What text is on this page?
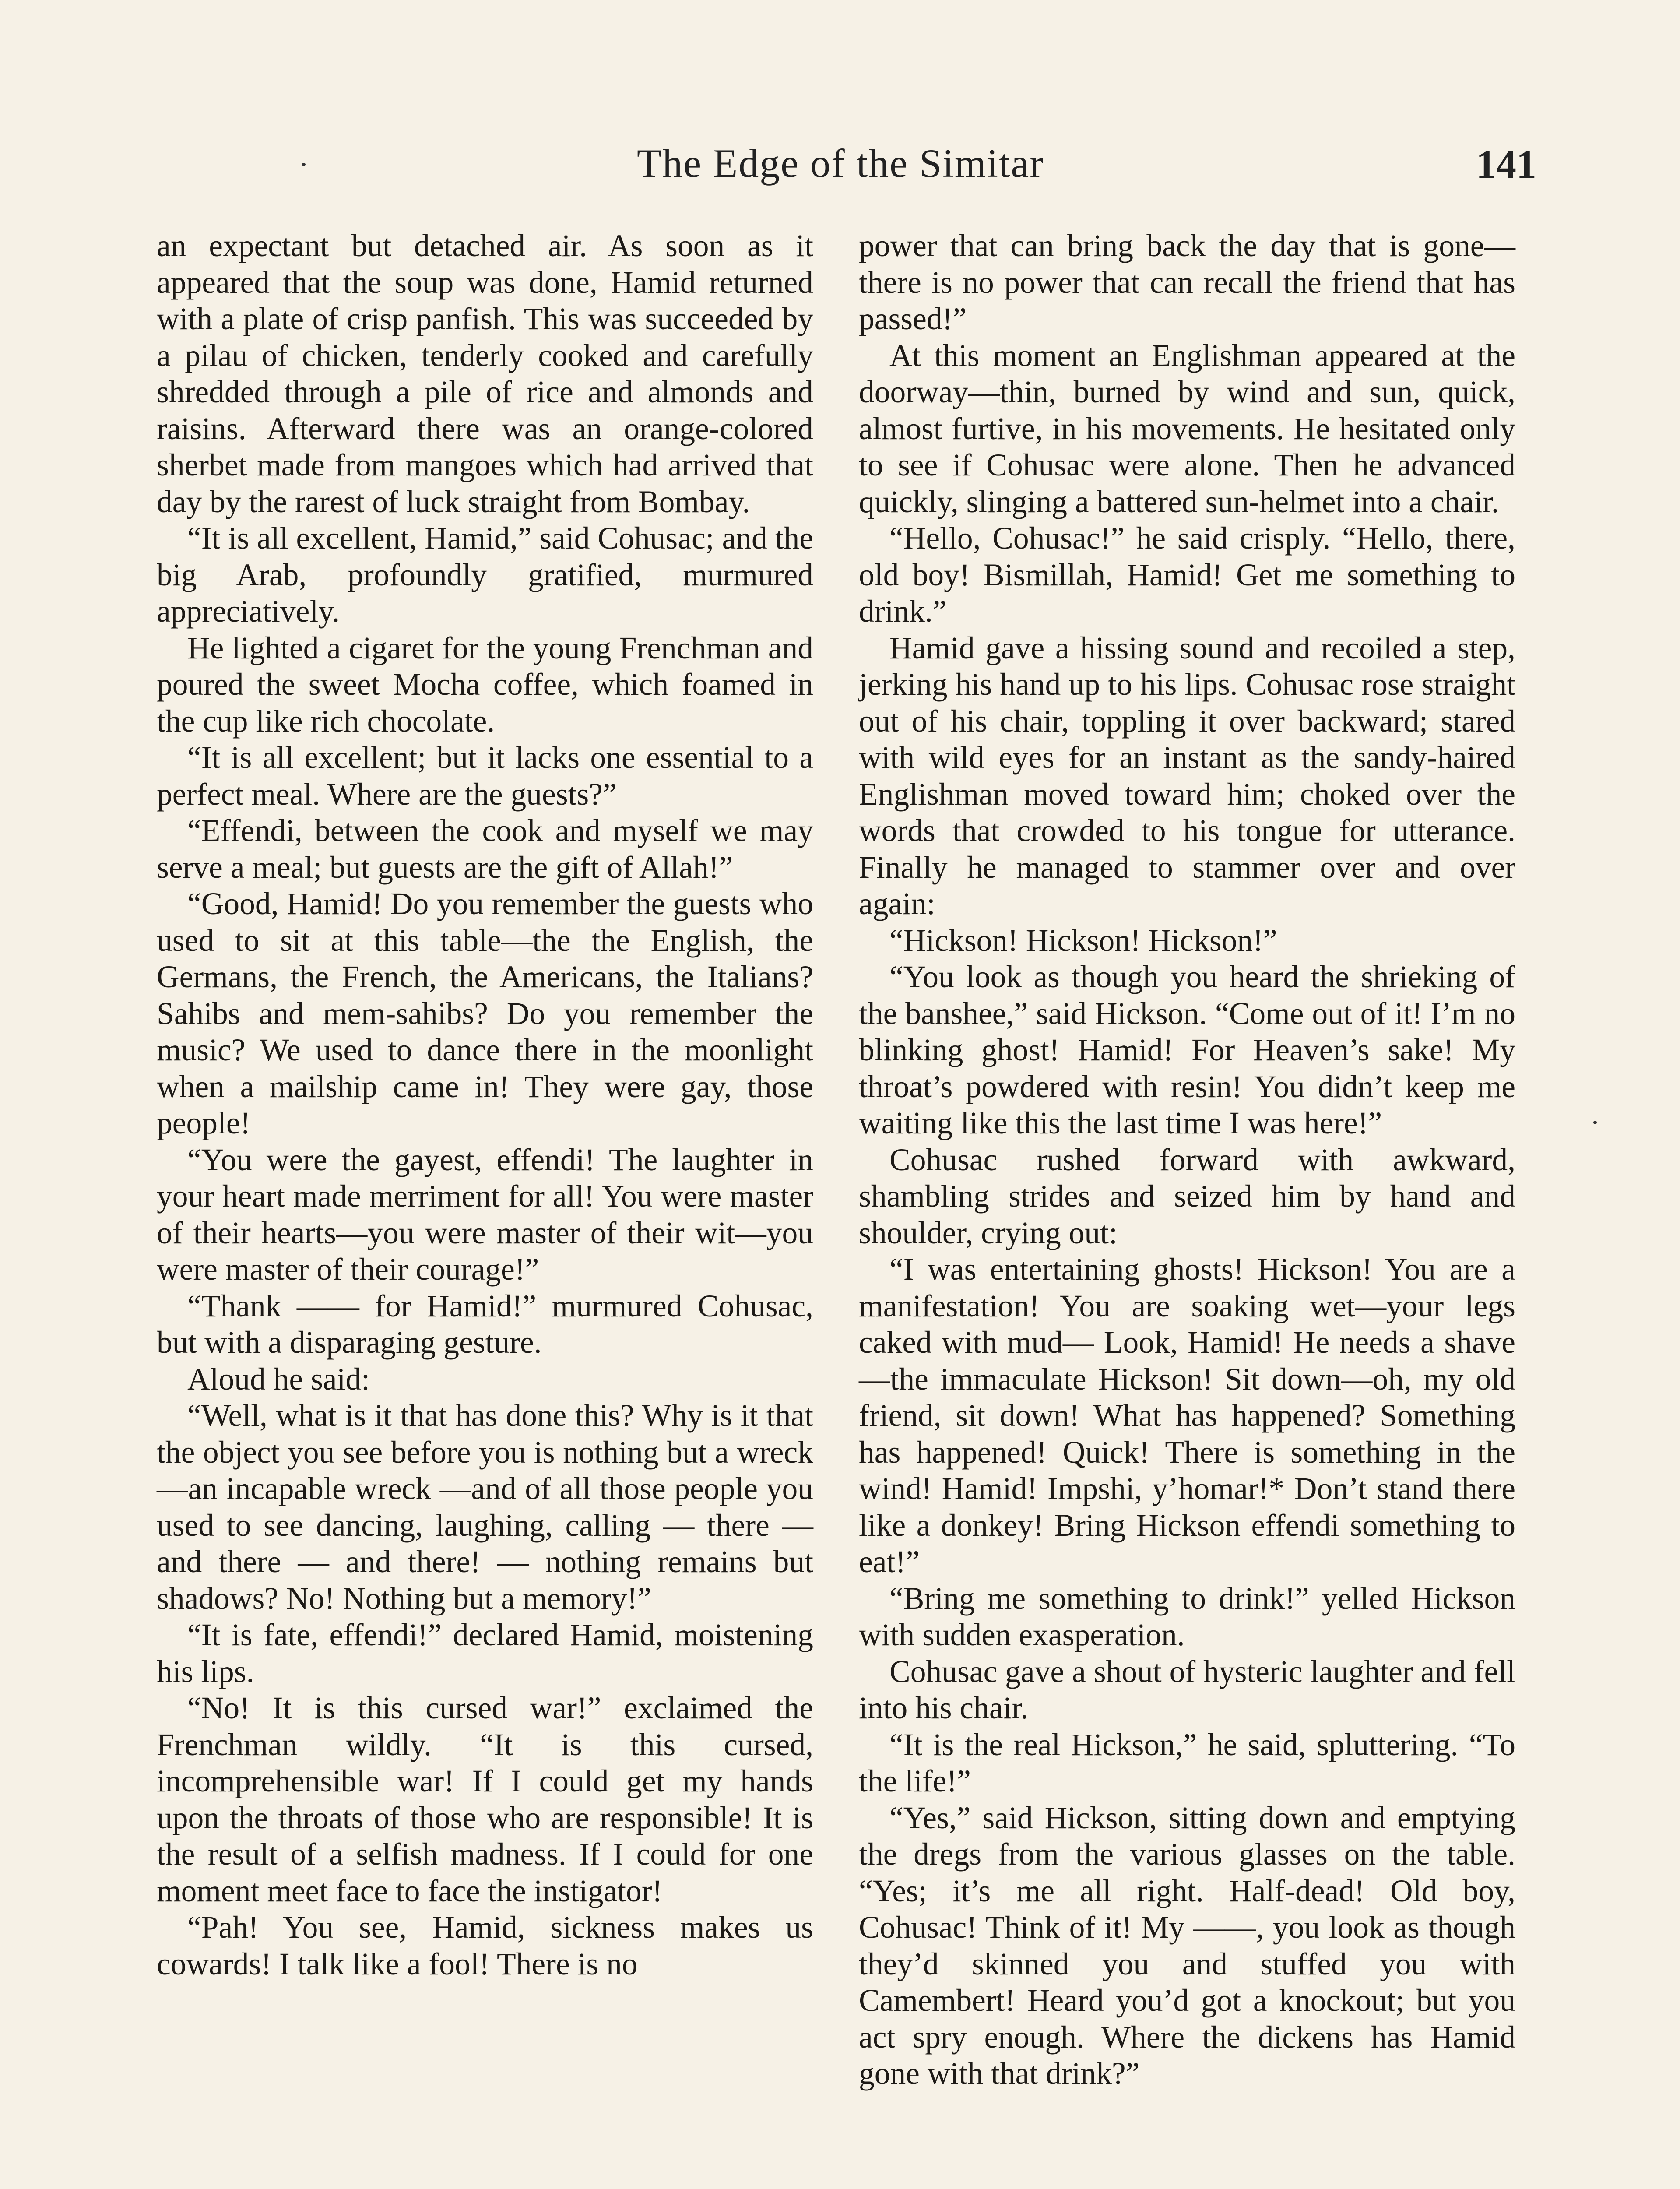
The Edge of the Simitar	141

an expectant but detached air. As soon as it appeared that the soup was done, Hamid returned with a plate of crisp panfish. This was succeeded by a pilau of chicken, tenderly cooked and carefully shredded through a pile of rice and almonds and raisins. Afterward there was an orange-colored sherbet made from mangoes which had arrived that day by the rarest of luck straight from Bombay.

“It is all excellent, Hamid,” said Cohusac; and the big Arab, profoundly gratified, murmured appreciatively.

He lighted a cigaret for the young Frenchman and poured the sweet Mocha coffee, which foamed in the cup like rich chocolate.

“It is all excellent; but it lacks one essential to a perfect meal. Where are the guests?”

“Effendi, between the cook and myself we may serve a meal; but guests are the gift of Allah!”

“Good, Hamid! Do you remember the guests who used to sit at this table—the the English, the Germans, the French, the Americans, the Italians? Sahibs and mem-sahibs? Do you remember the music? We used to dance there in the moonlight when a mailship came in! They were gay, those people!

“You were the gayest, effendi! The laughter in your heart made merriment for all! You were master of their hearts—you were master of their wit—you were master of their courage!”

“Thank —— for Hamid!” murmured Cohusac, but with a disparaging gesture.

Aloud he said:

“Well, what is it that has done this? Why is it that the object you see before you is nothing but a wreck—an incapable wreck —and of all those people you used to see dancing, laughing, calling — there — and there — and there! — nothing remains but shadows? No! Nothing but a memory!”

“It is fate, effendi!” declared Hamid, moistening his lips.

“No! It is this cursed war!” exclaimed the Frenchman wildly. “It is this cursed, incomprehensible war! If I could get my hands upon the throats of those who are responsible! It is the result of a selfish madness. If I could for one moment meet face to face the instigator!

“Pah! You see, Hamid, sickness makes us cowards! I talk like a fool! There is no

power that can bring back the day that is gone—there is no power that can recall the friend that has passed!”

At this moment an Englishman appeared at the doorway—thin, burned by wind and sun, quick, almost furtive, in his movements. He hesitated only to see if Cohusac were alone. Then he advanced quickly, slinging a battered sun-helmet into a chair.

“Hello, Cohusac!” he said crisply. “Hello, there, old boy! Bismillah, Hamid! Get me something to drink.”

Hamid gave a hissing sound and recoiled a step, jerking his hand up to his lips. Cohusac rose straight out of his chair, toppling it over backward; stared with wild eyes for an instant as the sandy-haired Englishman moved toward him; choked over the words that crowded to his tongue for utterance. Finally he managed to stammer over and over again:

“Hickson! Hickson! Hickson!”

“You look as though you heard the shrieking of the banshee,” said Hickson. “Come out of it! I’m no blinking ghost! Hamid! For Heaven’s sake! My throat’s powdered with resin! You didn’t keep me waiting like this the last time I was here!”

Cohusac rushed forward with awkward, shambling strides and seized him by hand and shoulder, crying out:

“I was entertaining ghosts! Hickson! You are a manifestation! You are soaking wet—your legs caked with mud— Look, Hamid! He needs a shave—the immaculate Hickson! Sit down—oh, my old friend, sit down! What has happened? Something has happened! Quick! There is something in the wind! Hamid! Impshi, y’homar!* Don’t stand there like a donkey! Bring Hickson effendi something to eat!”

“Bring me something to drink!” yelled Hickson with sudden exasperation.

Cohusac gave a shout of hysteric laughter and fell into his chair.

“It is the real Hickson,” he said, spluttering. “To the life!”

“Yes,” said Hickson, sitting down and emptying the dregs from the various glasses on the table. “Yes; it’s me all right. Half-dead! Old boy, Cohusac! Think of it! My ——, you look as though they’d skinned you and stuffed you with Camembert! Heard you’d got a knockout; but you act spry enough. Where the dickens has Hamid gone with that drink?”
